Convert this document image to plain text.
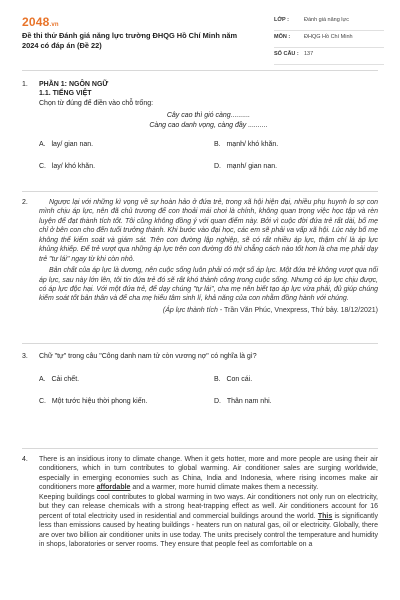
2048.vn
Đề thi thử Đánh giá năng lực trường ĐHQG Hồ Chí Minh năm 2024 có đáp án (Đề 22)
LỚP :	Đánh giá năng lực
MÔN :	ĐHQG Hồ Chí Minh
SỐ CÂU : 137
1. PHẦN 1: NGÔN NGỮ
1.1. TIẾNG VIỆT
Chọn từ đúng để điền vào chỗ trống:
Cây cao thì gió càng..........
Càng cao danh vọng, càng đầy ..........
A. lay/ gian nan.	B. mạnh/ khó khăn.
C. lay/ khó khăn.	D. mạnh/ gian nan.
2.	Ngược lại với những kì vọng về sự hoàn hảo ở đứa trẻ, trong xã hội hiện đại, nhiều phụ huynh lo sợ con mình chịu áp lực, nên đã chủ trương để con thoải mái chơi là chính, không quan trọng việc học tập và rèn luyện để đạt thành tích tốt. Tôi cũng không đồng ý với quan điểm này. Bởi vì cuộc đời đứa trẻ rất dài, bố mẹ chỉ ở bên con cho đến tuổi trưởng thành. Khi bước vào đại học, các em sẽ phải va vấp xã hội. Lúc này bố mẹ không thể kiểm soát và giám sát. Trên con đường lập nghiệp, sẽ có rất nhiều áp lực, thậm chí là áp lực khủng khiếp. Để trẻ vượt qua những áp lực trên con đường đó thì chẳng cách nào tốt hơn là cha mẹ phải dạy trẻ "tư lái" ngay từ khi còn nhỏ.

Bản chất của áp lực là dương, nên cuộc sống luôn phải có một số áp lực. Một đứa trẻ không vượt qua nổi áp lực, sau này lớn lên, tôi tin đứa trẻ đó sẽ rất khó thành công trong cuộc sống. Nhưng có áp lực chịu được, có áp lực độc hại. Với một đứa trẻ, để dạy chúng "tự lái", cha mẹ nên biết tạo áp lực vừa phải, đủ giúp chúng kiếm soát tốt bản thân và để cha mẹ hiểu tâm sinh lí, khả năng của con nhằm đồng hành với chúng.

(Áp lực thành tích - Trần Văn Phúc, Vnexpress, Thứ bảy. 18/12/2021)
3. Chữ "tự" trong câu "Công danh nam tử còn vương nợ" có nghĩa là gì?
A. Cải chết.	B. Con cái.
C. Một tước hiệu thời phong kiến.	D. Thân nam nhi.
4. There is an insidious irony to climate change. When it gets hotter, more and more people are using their air conditioners, which in turn contributes to global warming. Air conditioner sales are surging worldwide, especially in emerging economies such as China, India and Indonesia, where rising incomes make air conditioners more affordable and a warmer, more humid climate makes them a necessity.

Keeping buildings cool contributes to global warming in two ways. Air conditioners not only run on electricity, but they can release chemicals with a strong heat-trapping effect as well. Air conditioners account for 16 percent of total electricity used in residential and commercial buildings around the world. This is significantly less than emissions caused by heating buildings - heaters run on natural gas, oil or electricity. Globally, there are over two billion air conditioner units in use today. The units precisely control the temperature and humidity in shops, laboratories or server rooms. They ensure that people feel as comfortable on a
